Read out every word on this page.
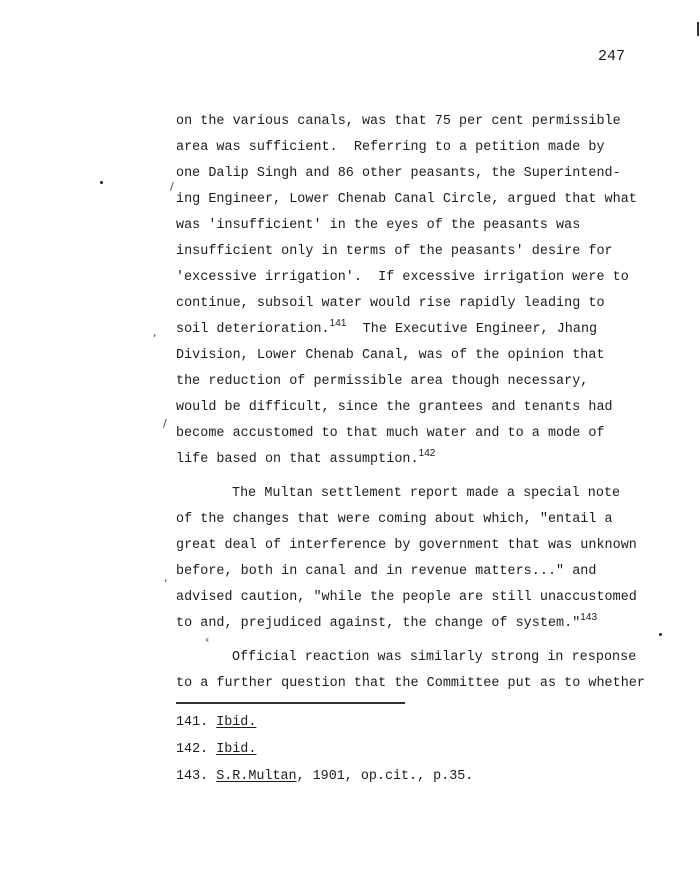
247
on the various canals, was that 75 per cent permissible
area was sufficient.  Referring to a petition made by
one Dalip Singh and 86 other peasants, the Superintend-
ing Engineer, Lower Chenab Canal Circle, argued that what
was 'insufficient' in the eyes of the peasants was
insufficient only in terms of the peasants' desire for
'excessive irrigation'.  If excessive irrigation were to
continue, subsoil water would rise rapidly leading to
soil deterioration.$^{141}$  The Executive Engineer, Jhang
Division, Lower Chenab Canal, was of the opinion that
the reduction of permissible area though necessary,
would be difficult, since the grantees and tenants had
become accustomed to that much water and to a mode of
life based on that assumption.$^{142}$
The Multan settlement report made a special note
of the changes that were coming about which, "entail a
great deal of interference by government that was unknown
before, both in canal and in revenue matters..." and
advised caution, "while the people are still unaccustomed
to and, prejudiced against, the change of system."$^{143}$
Official reaction was similarly strong in response
to a further question that the Committee put as to whether
141. Ibid.
142. Ibid.
143. S.R.Multan, 1901, op.cit., p.35.
/
/
,
‹
,
